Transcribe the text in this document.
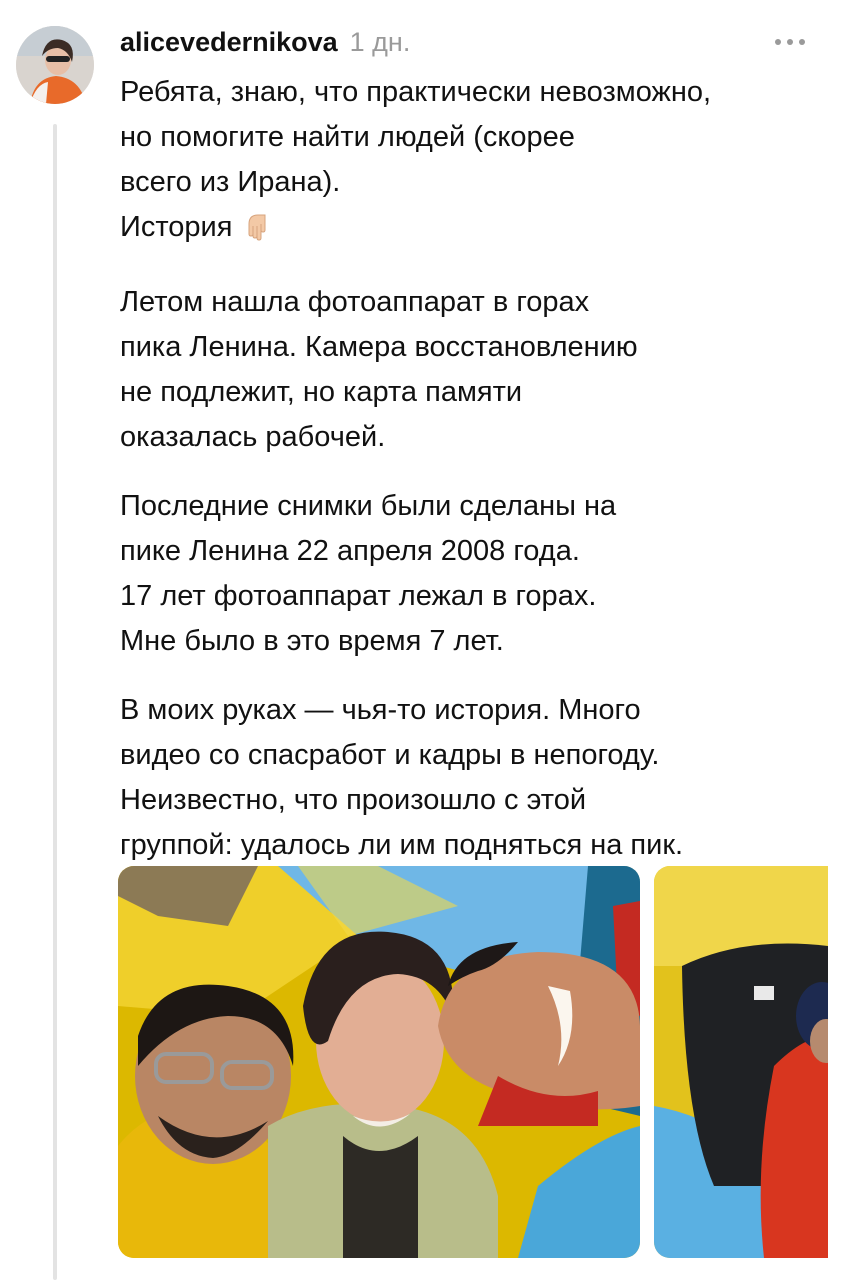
alicevedernikova 1 дн.

Ребята, знаю, что практически невозможно,
но помогите найти людей (скорее
всего из Ирана).
История

Летом нашла фотоаппарат в горах
пика Ленина. Камера восстановлению
не подлежит, но карта памяти
оказалась рабочей.

Последние снимки были сделаны на
пике Ленина 22 апреля 2008 года.
17 лет фотоаппарат лежал в горах.
Мне было в это время 7 лет.

В моих руках — чья-то история. Много
видео со спасработ и кадры в непогоду.
Неизвестно, что произошло с этой
группой: удалось ли им подняться на пик.
